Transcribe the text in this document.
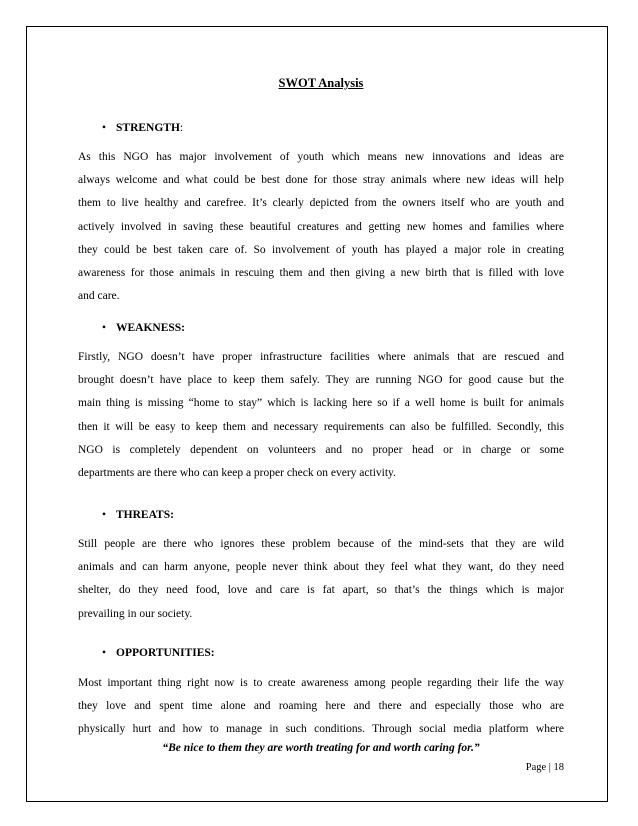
SWOT Analysis
• STRENGTH:
As this NGO has major involvement of youth which means new innovations and ideas are
always welcome and what could be best done for those stray animals where new ideas will help
them to live healthy and carefree. It’s clearly depicted from the owners itself who are youth and
actively involved in saving these beautiful creatures and getting new homes and families where
they could be best taken care of. So involvement of youth has played a major role in creating
awareness for those animals in rescuing them and then giving a new birth that is filled with love
and care.
• WEAKNESS:
Firstly, NGO doesn’t have proper infrastructure facilities where animals that are rescued and
brought doesn’t have place to keep them safely. They are running NGO for good cause but the
main thing is missing “home to stay” which is lacking here so if a well home is built for animals
then it will be easy to keep them and necessary requirements can also be fulfilled. Secondly, this
NGO is completely dependent on volunteers and no proper head or in charge or some
departments are there who can keep a proper check on every activity.
• THREATS:
Still people are there who ignores these problem because of the mind-sets that they are wild
animals and can harm anyone, people never think about they feel what they want, do they need
shelter, do they need food, love and care is fat apart, so that’s the things which is major
prevailing in our society.
• OPPORTUNITIES:
Most important thing right now is to create awareness among people regarding their life the way
they love and spent time alone and roaming here and there and especially those who are
physically hurt and how to manage in such conditions. Through social media platform where

“Be nice to them they are worth treating for and worth caring for.”

Page | 18
